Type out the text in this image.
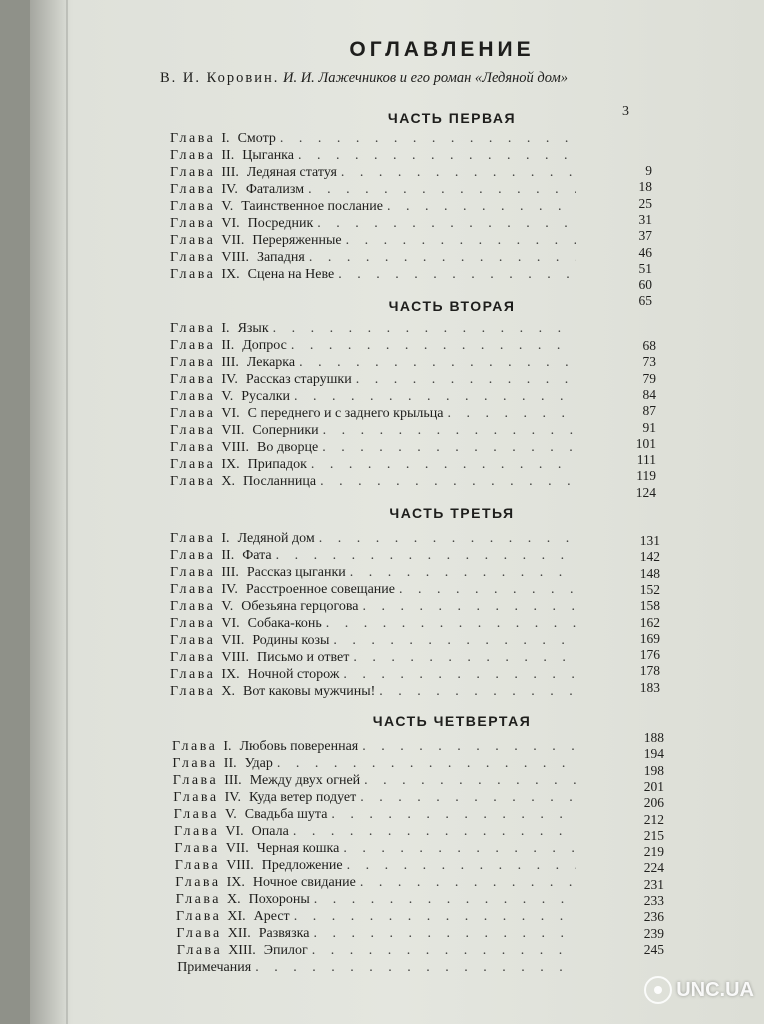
ОГЛАВЛЕНИЕ
В. И. Коровин. И. И. Лажечников и его роман «Ледяной дом»
3
ЧАСТЬ ПЕРВАЯ
Глава I. Смотр
. . .
Глава II. Цыганка
. . .
Глава III. Ледяная статуя
. . .
Глава IV. Фатализм
. . .
Глава V. Таинственное послание
. . .
Глава VI. Посредник
. . .
Глава VII. Переряженные
. . .
Глава VIII. Западня
. . .
Глава IX. Сцена на Неве
. . .
9
18
25
31
37
46
51
60
65
ЧАСТЬ ВТОРАЯ
Глава I. Язык
. . .
Глава II. Допрос
. . .
Глава III. Лекарка
. . .
Глава IV. Рассказ старушки
. . .
Глава V. Русалки
. . .
Глава VI. С переднего и с заднего крыльца
. . .
Глава VII. Соперники
. . .
Глава VIII. Во дворце
. . .
Глава IX. Припадок
. . .
Глава X. Посланница
. . .
68
73
79
84
87
91
101
111
119
124
ЧАСТЬ ТРЕТЬЯ
Глава I. Ледяной дом
. . .
Глава II. Фата
. . .
Глава III. Рассказ цыганки
. . .
Глава IV. Расстроенное совещание
. . .
Глава V. Обезьяна герцогова
. . .
Глава VI. Собака-конь
. . .
Глава VII. Родины козы
. . .
Глава VIII. Письмо и ответ
. . .
Глава IX. Ночной сторож
. . .
Глава X. Вот каковы мужчины!
. . .
131
142
148
152
158
162
169
176
178
183
ЧАСТЬ ЧЕТВЕРТАЯ
Глава I. Любовь поверенная
. . .
Глава II. Удар
. . .
Глава III. Между двух огней
. . .
Глава IV. Куда ветер подует
. . .
Глава V. Свадьба шута
. . .
Глава VI. Опала
. . .
Глава VII. Черная кошка
. . .
Глава VIII. Предложение
. . .
Глава IX. Ночное свидание
. . .
Глава X. Похороны
. . .
Глава XI. Арест
. . .
Глава XII. Развязка
. . .
Глава XIII. Эпилог
. . .
Примечания
. . .
188
194
198
201
206
212
215
219
224
231
233
236
239
245
UNC.UA
